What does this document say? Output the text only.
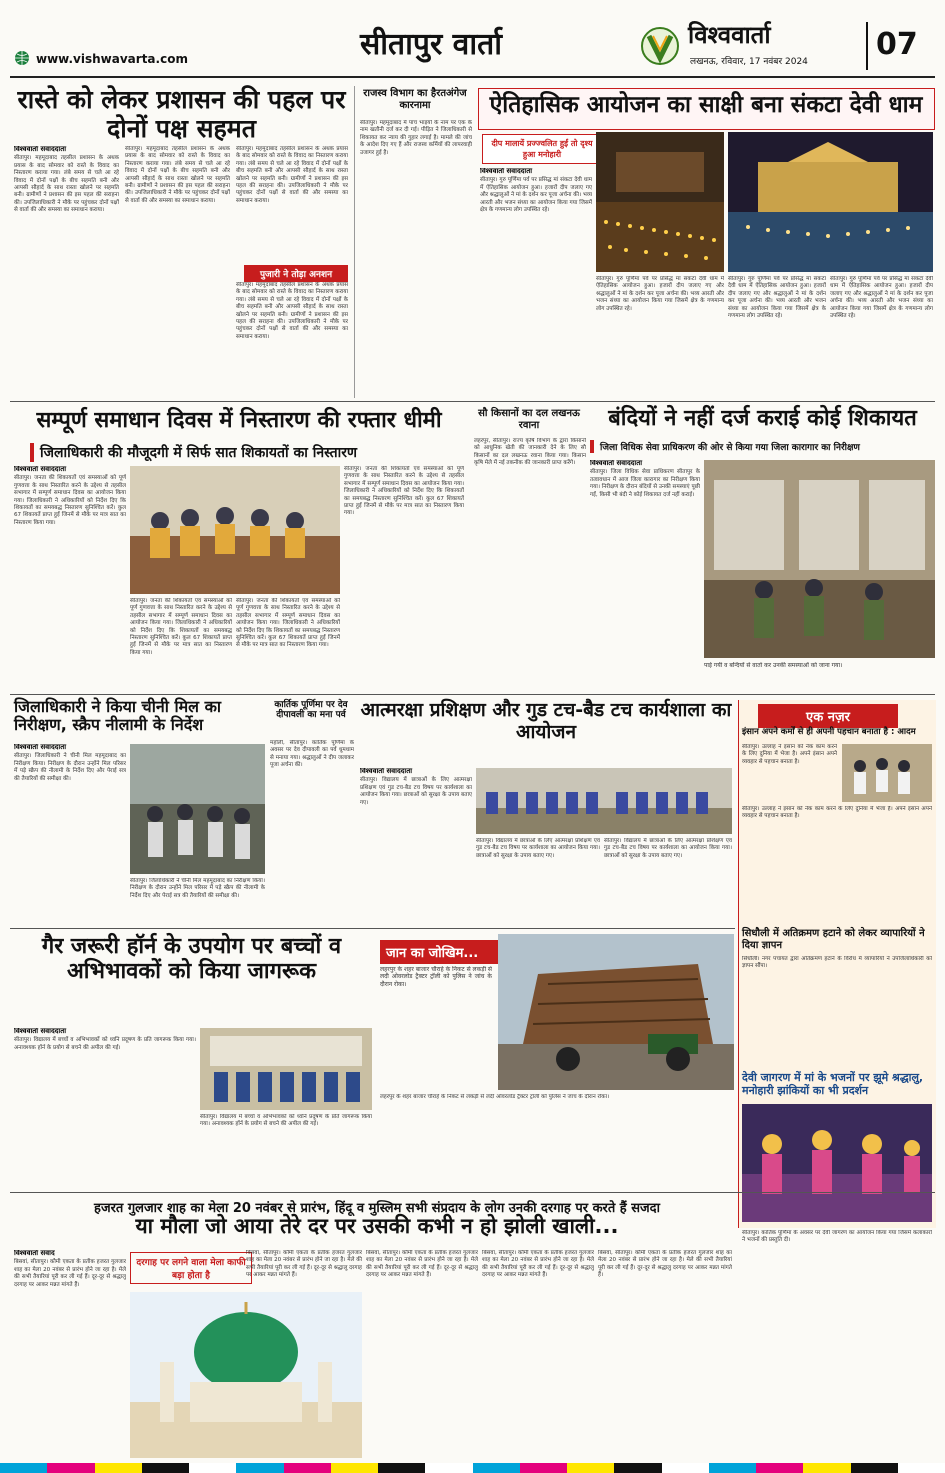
www.vishwavarta.com	सीतापुर वार्ता	विश्ववार्ता
लखनऊ, रविवार, 17 नवंबर 2024 07
रास्ते को लेकर प्रशासन की पहल पर दोनों पक्ष सहमत
विश्ववार्ता संवाददाता
सीतापुर। महमूदाबाद तहसील प्रशासन के अथक प्रयास के बाद सोमवार को रास्ते के विवाद का निस्तारण कराया गया। लंबे समय से चले आ रहे विवाद में दोनों पक्षों के बीच सहमति बनी और आपसी सौहार्द के साथ रास्ता खोलने पर सहमति बनी। ग्रामीणों ने प्रशासन की इस पहल की सराहना की। उपजिलाधिकारी ने मौके पर पहुंचकर दोनों पक्षों से वार्ता की और समस्या का समाधान कराया।
सीतापुर। महमूदाबाद तहसील प्रशासन के अथक प्रयास के बाद सोमवार को रास्ते के विवाद का निस्तारण कराया गया। लंबे समय से चले आ रहे विवाद में दोनों पक्षों के बीच सहमति बनी और आपसी सौहार्द के साथ रास्ता खोलने पर सहमति बनी। ग्रामीणों ने प्रशासन की इस पहल की सराहना की। उपजिलाधिकारी ने मौके पर पहुंचकर दोनों पक्षों से वार्ता की और समस्या का समाधान कराया।
सीतापुर। महमूदाबाद तहसील प्रशासन के अथक प्रयास के बाद सोमवार को रास्ते के विवाद का निस्तारण कराया गया। लंबे समय से चले आ रहे विवाद में दोनों पक्षों के बीच सहमति बनी और आपसी सौहार्द के साथ रास्ता खोलने पर सहमति बनी। ग्रामीणों ने प्रशासन की इस पहल की सराहना की। उपजिलाधिकारी ने मौके पर पहुंचकर दोनों पक्षों से वार्ता की और समस्या का समाधान कराया।
पुजारी ने तोड़ा अनशन
सीतापुर। महमूदाबाद तहसील प्रशासन के अथक प्रयास के बाद सोमवार को रास्ते के विवाद का निस्तारण कराया गया। लंबे समय से चले आ रहे विवाद में दोनों पक्षों के बीच सहमति बनी और आपसी सौहार्द के साथ रास्ता खोलने पर सहमति बनी। ग्रामीणों ने प्रशासन की इस पहल की सराहना की। उपजिलाधिकारी ने मौके पर पहुंचकर दोनों पक्षों से वार्ता की और समस्या का समाधान कराया।
राजस्व विभाग का हैरतअंगेज कारनामा
सीतापुर। महमूदाबाद में पांच भाइयों के नाम पर एक के नाम खतौनी दर्ज कर दी गई। पीड़ित ने जिलाधिकारी से शिकायत कर न्याय की गुहार लगाई है। मामले की जांच के आदेश दिए गए हैं और राजस्व कर्मियों की लापरवाही उजागर हुई है।
ऐतिहासिक आयोजन का साक्षी बना संकटा देवी धाम
दीप मालायें प्रज्ज्वलित हुईं तो दृश्य हुआ मनोहारी
विश्ववार्ता संवाददाता
सीतापुर। गुरु पूर्णिमा पर्व पर प्रसिद्ध मां संकटा देवी धाम में ऐतिहासिक आयोजन हुआ। हजारों दीप जलाए गए और श्रद्धालुओं ने मां के दर्शन कर पूजा अर्चना की। भव्य आरती और भजन संध्या का आयोजन किया गया जिसमें क्षेत्र के गणमान्य लोग उपस्थित रहे।
सीतापुर। गुरु पूर्णिमा पर्व पर प्रसिद्ध मां संकटा देवी धाम में ऐतिहासिक आयोजन हुआ। हजारों दीप जलाए गए और श्रद्धालुओं ने मां के दर्शन कर पूजा अर्चना की। भव्य आरती और भजन संध्या का आयोजन किया गया जिसमें क्षेत्र के गणमान्य लोग उपस्थित रहे।
सीतापुर। गुरु पूर्णिमा पर्व पर प्रसिद्ध मां संकटा देवी धाम में ऐतिहासिक आयोजन हुआ। हजारों दीप जलाए गए और श्रद्धालुओं ने मां के दर्शन कर पूजा अर्चना की। भव्य आरती और भजन संध्या का आयोजन किया गया जिसमें क्षेत्र के गणमान्य लोग उपस्थित रहे।
सीतापुर। गुरु पूर्णिमा पर्व पर प्रसिद्ध मां संकटा देवी धाम में ऐतिहासिक आयोजन हुआ। हजारों दीप जलाए गए और श्रद्धालुओं ने मां के दर्शन कर पूजा अर्चना की। भव्य आरती और भजन संध्या का आयोजन किया गया जिसमें क्षेत्र के गणमान्य लोग उपस्थित रहे।
सम्पूर्ण समाधान दिवस में निस्तारण की रफ्तार धीमी
जिलाधिकारी की मौजूदगी में सिर्फ सात शिकायतों का निस्तारण
विश्ववार्ता संवाददाता
सीतापुर। जनता की शिकायतों एवं समस्याओं को पूर्ण गुणवत्ता के साथ निस्तारित करने के उद्देश्य से तहसील सभागार में सम्पूर्ण समाधान दिवस का आयोजन किया गया। जिलाधिकारी ने अधिकारियों को निर्देश दिए कि शिकायतों का समयबद्ध निस्तारण सुनिश्चित करें। कुल 67 शिकायतें प्राप्त हुईं जिनमें से मौके पर मात्र सात का निस्तारण किया गया।
सीतापुर। जनता की शिकायतों एवं समस्याओं को पूर्ण गुणवत्ता के साथ निस्तारित करने के उद्देश्य से तहसील सभागार में सम्पूर्ण समाधान दिवस का आयोजन किया गया। जिलाधिकारी ने अधिकारियों को निर्देश दिए कि शिकायतों का समयबद्ध निस्तारण सुनिश्चित करें। कुल 67 शिकायतें प्राप्त हुईं जिनमें से मौके पर मात्र सात का निस्तारण किया गया।
सीतापुर। जनता की शिकायतों एवं समस्याओं को पूर्ण गुणवत्ता के साथ निस्तारित करने के उद्देश्य से तहसील सभागार में सम्पूर्ण समाधान दिवस का आयोजन किया गया। जिलाधिकारी ने अधिकारियों को निर्देश दिए कि शिकायतों का समयबद्ध निस्तारण सुनिश्चित करें। कुल 67 शिकायतें प्राप्त हुईं जिनमें से मौके पर मात्र सात का निस्तारण किया गया।
सीतापुर। जनता की शिकायतों एवं समस्याओं को पूर्ण गुणवत्ता के साथ निस्तारित करने के उद्देश्य से तहसील सभागार में सम्पूर्ण समाधान दिवस का आयोजन किया गया। जिलाधिकारी ने अधिकारियों को निर्देश दिए कि शिकायतों का समयबद्ध निस्तारण सुनिश्चित करें। कुल 67 शिकायतें प्राप्त हुईं जिनमें से मौके पर मात्र सात का निस्तारण किया गया।
सौ किसानों का दल लखनऊ रवाना
लहरपुर, सीतापुर। राज्य कृषि विभाग के द्वारा किसानों को आधुनिक खेती की जानकारी देने के लिए सौ किसानों का दल लखनऊ रवाना किया गया। किसान कृषि मेले में नई तकनीक की जानकारी प्राप्त करेंगे।
बंदियों ने नहीं दर्ज कराई कोई शिकायत
जिला विधिक सेवा प्राधिकरण की ओर से किया गया जिला कारागार का निरीक्षण
विश्ववार्ता संवाददाता
सीतापुर। जिला विधिक सेवा प्राधिकरण सीतापुर के तत्वावधान में आज जिला कारागार का निरीक्षण किया गया। निरीक्षण के दौरान बंदियों से उनकी समस्याएं पूछी गईं, किसी भी बंदी ने कोई शिकायत दर्ज नहीं कराई।
पाई गयी व बन्दियों से वार्ता कर उनकी समस्याओं को जाना गया।
जिलाधिकारी ने किया चीनी मिल का निरीक्षण, स्क्रैप नीलामी के निर्देश
विश्ववार्ता संवाददाता
सीतापुर। जिलाधिकारी ने चीनी मिल महमूदाबाद का निरीक्षण किया। निरीक्षण के दौरान उन्होंने मिल परिसर में पड़े स्क्रैप की नीलामी के निर्देश दिए और पेराई सत्र की तैयारियों की समीक्षा की।
सीतापुर। जिलाधिकारी ने चीनी मिल महमूदाबाद का निरीक्षण किया। निरीक्षण के दौरान उन्होंने मिल परिसर में पड़े स्क्रैप की नीलामी के निर्देश दिए और पेराई सत्र की तैयारियों की समीक्षा की।
कार्तिक पूर्णिमा पर देव दीपावली का मना पर्व
महोली, सीतापुर। कार्तिक पूर्णिमा के अवसर पर देव दीपावली का पर्व धूमधाम से मनाया गया। श्रद्धालुओं ने दीप जलाकर पूजा अर्चना की।
आत्मरक्षा प्रशिक्षण और गुड टच-बैड टच कार्यशाला का आयोजन
विश्ववार्ता संवाददाता
सीतापुर। विद्यालय में छात्राओं के लिए आत्मरक्षा प्रशिक्षण एवं गुड टच-बैड टच विषय पर कार्यशाला का आयोजन किया गया। छात्राओं को सुरक्षा के उपाय बताए गए।
सीतापुर। विद्यालय में छात्राओं के लिए आत्मरक्षा प्रशिक्षण एवं गुड टच-बैड टच विषय पर कार्यशाला का आयोजन किया गया। छात्राओं को सुरक्षा के उपाय बताए गए।
सीतापुर। विद्यालय में छात्राओं के लिए आत्मरक्षा प्रशिक्षण एवं गुड टच-बैड टच विषय पर कार्यशाला का आयोजन किया गया। छात्राओं को सुरक्षा के उपाय बताए गए।
एक नज़र
इंसान अपने कर्मों से ही अपनी पहचान बनाता है : आदम
सीतापुर। उल्लाह ने इंसान को नेक काम करने के लिए दुनिया में भेजा है। अपने इंसान अपने व्यवहार से पहचान बनाता है।
सीतापुर। उल्लाह ने इंसान को नेक काम करने के लिए दुनिया में भेजा है। अपने इंसान अपने व्यवहार से पहचान बनाता है।
सिधौली में अतिक्रमण हटाने को लेकर व्यापारियों ने दिया ज्ञापन
सिधौली। नगर पंचायत द्वारा अतिक्रमण हटाने के विरोध में व्यापारियों ने उपजिलाधिकारी को ज्ञापन सौंपा।
देवी जागरण में मां के भजनों पर झूमे श्रद्धालु, मनोहारी झांकियों का भी प्रदर्शन
गैर जरूरी हॉर्न के उपयोग पर बच्चों व अभिभावकों को किया जागरूक
विश्ववार्ता संवाददाता
सीतापुर। विद्यालय में बच्चों व अभिभावकों को ध्वनि प्रदूषण के प्रति जागरूक किया गया। अनावश्यक हॉर्न के प्रयोग से बचने की अपील की गई।
सीतापुर। विद्यालय में बच्चों व अभिभावकों को ध्वनि प्रदूषण के प्रति जागरूक किया गया। अनावश्यक हॉर्न के प्रयोग से बचने की अपील की गई।
जान का जोखिम...
लहरपुर के शहर बाजार चौराहे के निकट से लकड़ी से लदी ओवरलोड ट्रैक्टर ट्रॉली को पुलिस ने जांच के दौरान रोका।
लहरपुर के शहर बाजार चौराहे के निकट से लकड़ी से लदी ओवरलोड ट्रैक्टर ट्रॉली को पुलिस ने जांच के दौरान रोका।
हजरत गुलजार शाह का मेला 20 नवंबर से प्रारंभ, हिंदू व मुस्लिम सभी संप्रदाय के लोग उनकी दरगाह पर करते हैं सजदा
या मौला जो आया तेरे दर पर उसकी कभी न हो झोली खाली...
विश्ववार्ता संवाद
बिसवां, सीतापुर। कौमी एकता के प्रतीक हजरत गुलजार शाह का मेला 20 नवंबर से प्रारंभ होने जा रहा है। मेले की सभी तैयारियां पूरी कर ली गई हैं। दूर-दूर से श्रद्धालु दरगाह पर आकर मन्नत मांगते हैं।
दरगाह पर लगने वाला मेला काफी बड़ा होता है
बिसवां, सीतापुर। कौमी एकता के प्रतीक हजरत गुलजार शाह का मेला 20 नवंबर से प्रारंभ होने जा रहा है। मेले की सभी तैयारियां पूरी कर ली गई हैं। दूर-दूर से श्रद्धालु दरगाह पर आकर मन्नत मांगते हैं।
बिसवां, सीतापुर। कौमी एकता के प्रतीक हजरत गुलजार शाह का मेला 20 नवंबर से प्रारंभ होने जा रहा है। मेले की सभी तैयारियां पूरी कर ली गई हैं। दूर-दूर से श्रद्धालु दरगाह पर आकर मन्नत मांगते हैं।
बिसवां, सीतापुर। कौमी एकता के प्रतीक हजरत गुलजार शाह का मेला 20 नवंबर से प्रारंभ होने जा रहा है। मेले की सभी तैयारियां पूरी कर ली गई हैं। दूर-दूर से श्रद्धालु दरगाह पर आकर मन्नत मांगते हैं।
बिसवां, सीतापुर। कौमी एकता के प्रतीक हजरत गुलजार शाह का मेला 20 नवंबर से प्रारंभ होने जा रहा है। मेले की सभी तैयारियां पूरी कर ली गई हैं। दूर-दूर से श्रद्धालु दरगाह पर आकर मन्नत मांगते हैं।
सीतापुर। कार्तिक पूर्णिमा के अवसर पर देवी जागरण का आयोजन किया गया जिसमें कलाकारों ने भजनों की प्रस्तुति दी।
